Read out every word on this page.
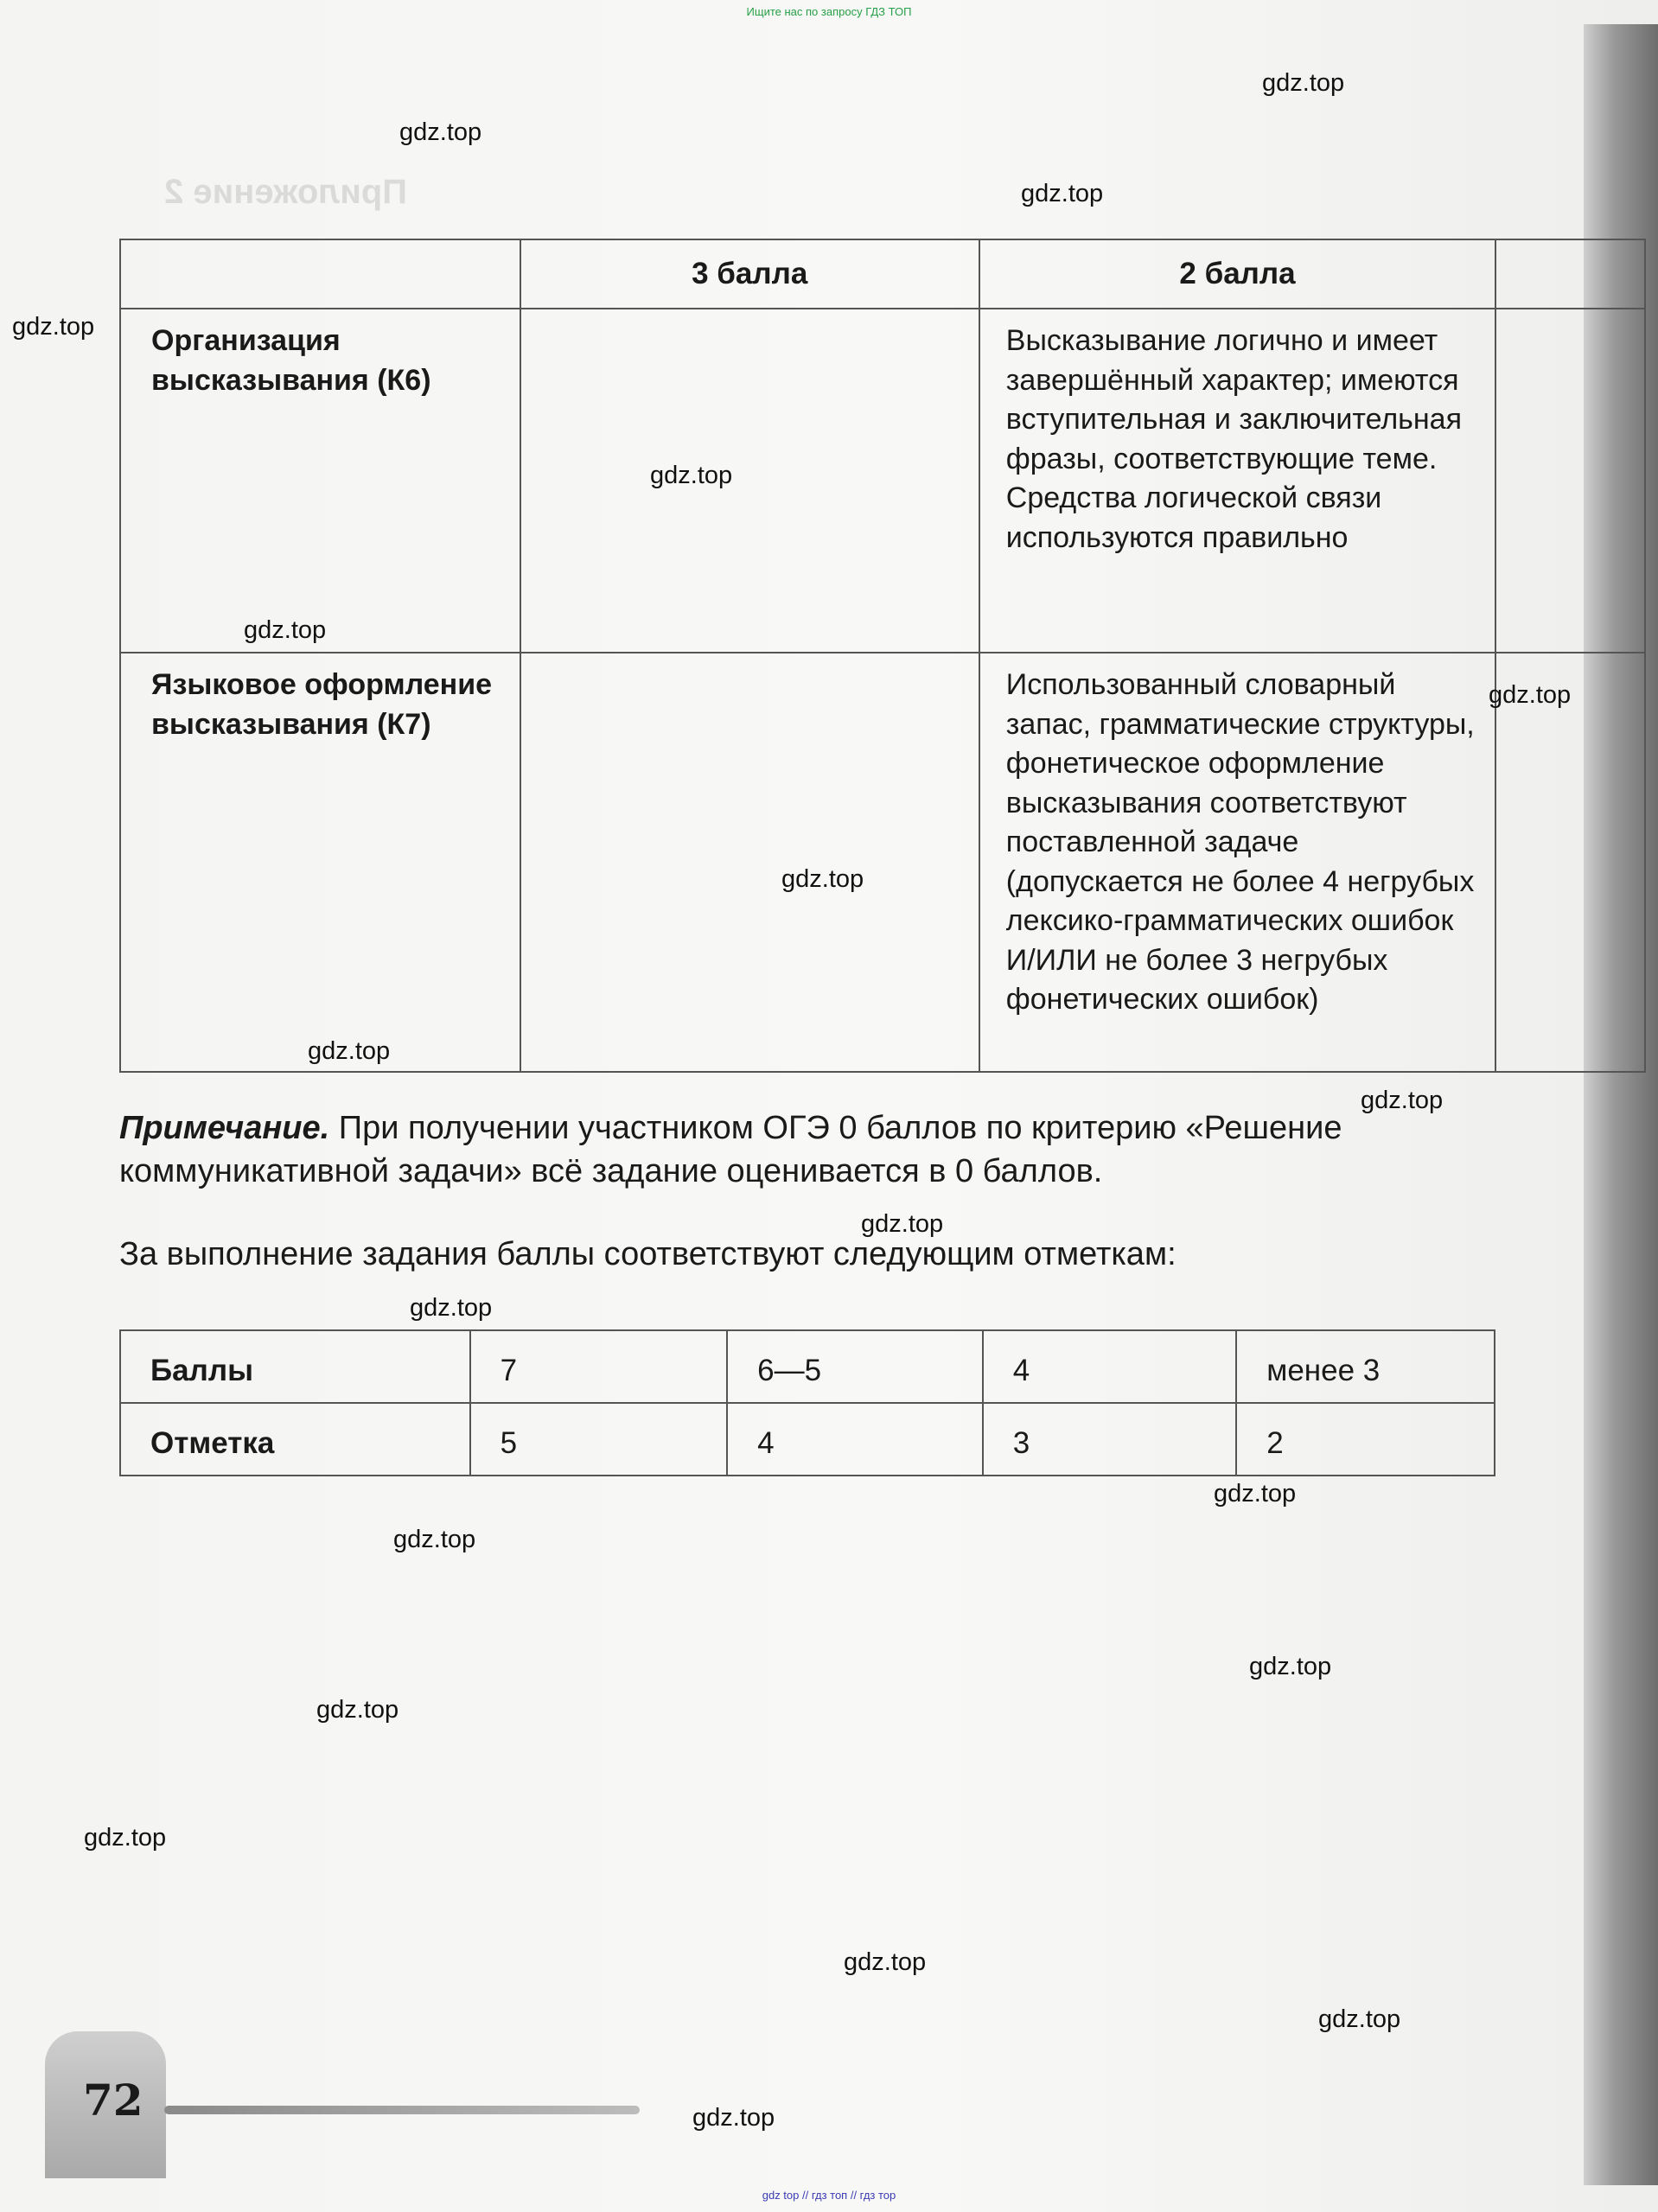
Ищите нас по запросу ГДЗ ТОП
Приложение 2
	3 балла	2 балла	
Организация высказывания (К6)		Высказывание логично и имеет завершённый характер; имеются вступительная и заключительная фразы, соответствующие теме. Средства логической связи используются правильно	
Языковое оформление высказывания (К7)		Использованный словарный запас, грамматические структуры, фонетическое оформление высказывания соответствуют поставленной задаче (допускается не более 4 негрубых лексико-грамматических ошибок И/ИЛИ не более 3 негрубых фонетических ошибок)	
Примечание. При получении участником ОГЭ 0 баллов по критерию «Решение коммуникативной задачи» всё задание оценивается в 0 баллов.
За выполнение задания баллы соответствуют следующим отметкам:
Баллы	7	6—5	4	менее 3
Отметка	5	4	3	2
72
gdz.top
gdz.top
gdz.top
gdz.top
gdz.top
gdz.top
gdz.top
gdz.top
gdz.top
gdz.top
gdz.top
gdz.top
gdz.top
gdz.top
gdz.top
gdz.top
gdz.top
gdz.top
gdz.top
gdz.top
gdz top // гдз топ // гдз тор
